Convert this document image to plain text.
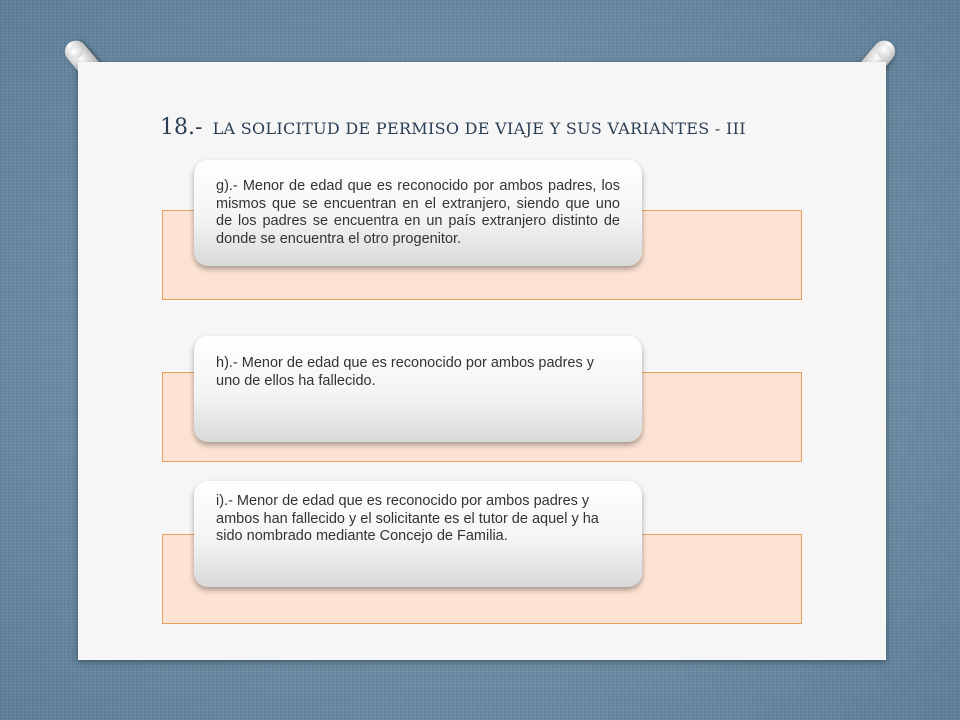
18.- LA SOLICITUD DE PERMISO DE VIAJE Y SUS VARIANTES - III

g).- Menor de edad que es reconocido por ambos padres, los mismos que se encuentran en el extranjero, siendo que uno de los padres se encuentra en un país extranjero distinto de donde se encuentra el otro progenitor.

h).- Menor de edad que es reconocido por ambos padres y uno de ellos ha fallecido.

i).- Menor de edad que es reconocido por ambos padres y ambos han fallecido y el solicitante es el tutor de aquel y ha sido nombrado mediante Concejo de Familia.
